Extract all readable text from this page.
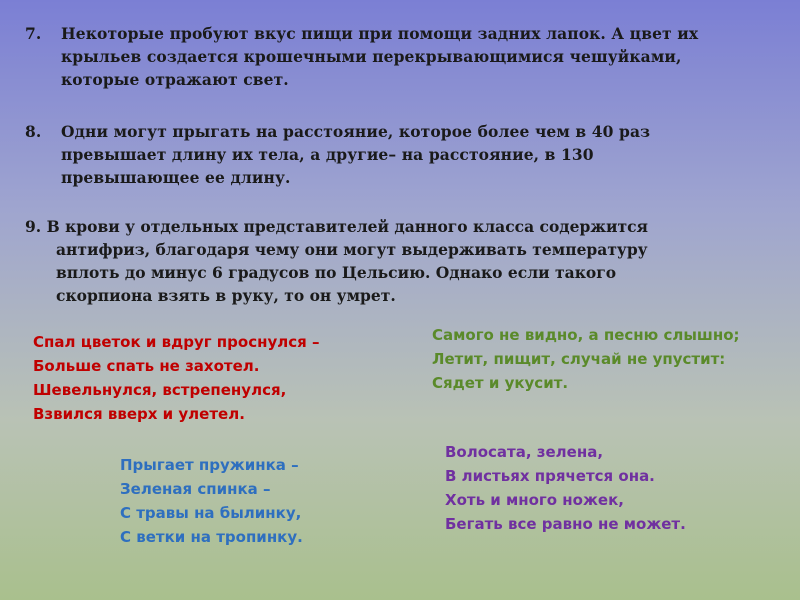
7. Некоторые пробуют вкус пищи при помощи задних лапок. А цвет их
крыльев создается крошечными перекрывающимися чешуйками,
которые отражают свет.
8. Одни могут прыгать на расстояние, которое более чем в 40 раз
превышает длину их тела, а другие– на расстояние, в 130
превышающее ее длину.
9. В крови у отдельных представителей данного класса содержится
антифриз, благодаря чему они могут выдерживать температуру
вплоть до минус 6 градусов по Цельсию. Однако если такого
скорпиона взять в руку, то он умрет.
Спал цветок и вдруг проснулся –
Больше спать не захотел.
Шевельнулся, встрепенулся,
Взвился вверх и улетел.
Самого не видно, а песню слышно;
Летит, пищит, случай не упустит:
Сядет и укусит.
Прыгает пружинка –
Зеленая спинка –
С травы на былинку,
С ветки на тропинку.
Волосата, зелена,
В листьях прячется она.
Хоть и много ножек,
Бегать все равно не может.
